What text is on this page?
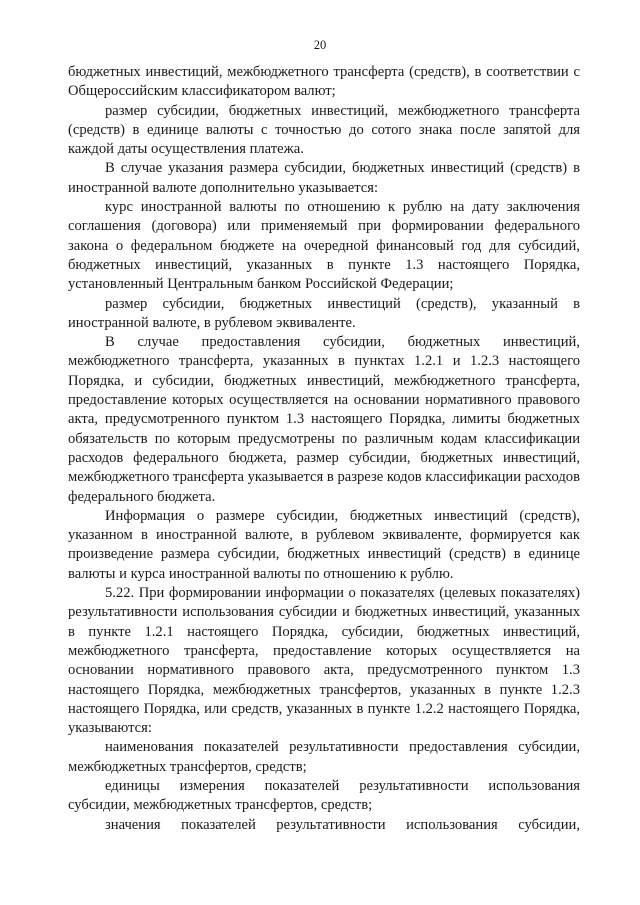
20

бюджетных инвестиций, межбюджетного трансферта (средств), в соответствии с Общероссийским классификатором валют;

размер субсидии, бюджетных инвестиций, межбюджетного трансферта (средств) в единице валюты с точностью до сотого знака после запятой для каждой даты осуществления платежа.

В случае указания размера субсидии, бюджетных инвестиций (средств) в иностранной валюте дополнительно указывается:

курс иностранной валюты по отношению к рублю на дату заключения соглашения (договора) или применяемый при формировании федерального закона о федеральном бюджете на очередной финансовый год для субсидий, бюджетных инвестиций, указанных в пункте 1.3 настоящего Порядка, установленный Центральным банком Российской Федерации;

размер субсидии, бюджетных инвестиций (средств), указанный в иностранной валюте, в рублевом эквиваленте.

В случае предоставления субсидии, бюджетных инвестиций, межбюджетного трансферта, указанных в пунктах 1.2.1 и 1.2.3 настоящего Порядка, и субсидии, бюджетных инвестиций, межбюджетного трансферта, предоставление которых осуществляется на основании нормативного правового акта, предусмотренного пунктом 1.3 настоящего Порядка, лимиты бюджетных обязательств по которым предусмотрены по различным кодам классификации расходов федерального бюджета, размер субсидии, бюджетных инвестиций, межбюджетного трансферта указывается в разрезе кодов классификации расходов федерального бюджета.

Информация о размере субсидии, бюджетных инвестиций (средств), указанном в иностранной валюте, в рублевом эквиваленте, формируется как произведение размера субсидии, бюджетных инвестиций (средств) в единице валюты и курса иностранной валюты по отношению к рублю.

5.22. При формировании информации о показателях (целевых показателях) результативности использования субсидии и бюджетных инвестиций, указанных в пункте 1.2.1 настоящего Порядка, субсидии, бюджетных инвестиций, межбюджетного трансферта, предоставление которых осуществляется на основании нормативного правового акта, предусмотренного пунктом 1.3 настоящего Порядка, межбюджетных трансфертов, указанных в пункте 1.2.3 настоящего Порядка, или средств, указанных в пункте 1.2.2 настоящего Порядка, указываются:

наименования показателей результативности предоставления субсидии, межбюджетных трансфертов, средств;

единицы измерения показателей результативности использования субсидии, межбюджетных трансфертов, средств;

значения показателей результативности использования субсидии,
